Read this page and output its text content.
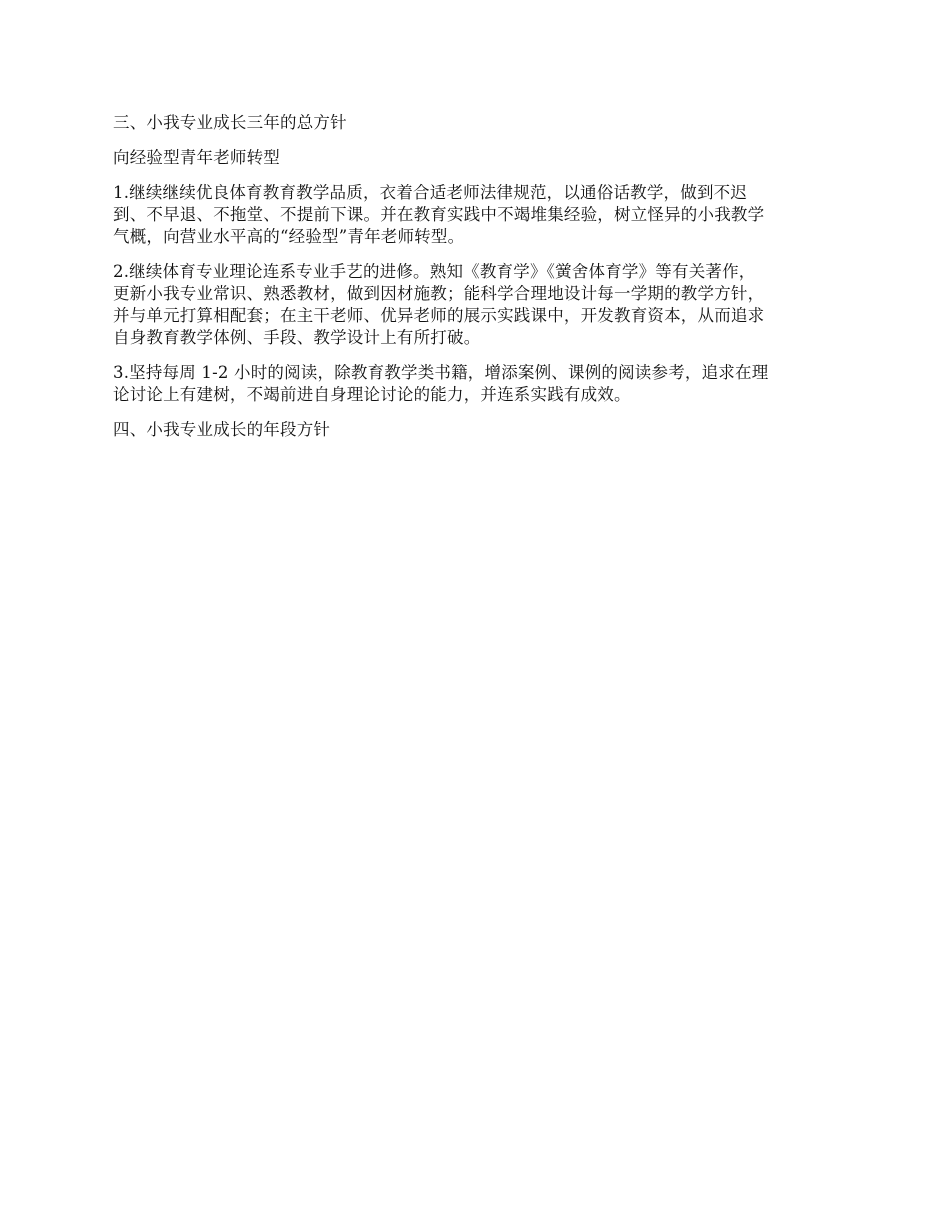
三、小我专业成长三年的总方针

向经验型青年老师转型

1.继续继续优良体育教育教学品质，衣着合适老师法律规范，以通俗话教学，做到不迟
到、不早退、不拖堂、不提前下课。并在教育实践中不竭堆集经验，树立怪异的小我教学
气概，向营业水平高的“经验型”青年老师转型。
2.继续体育专业理论连系专业手艺的进修。熟知《教育学》《黉舍体育学》等有关著作，
更新小我专业常识、熟悉教材，做到因材施教；能科学合理地设计每一学期的教学方针，
并与单元打算相配套；在主干老师、优异老师的展示实践课中，开发教育资本，从而追求
自身教育教学体例、手段、教学设计上有所打破。
3.坚持每周 1-2 小时的阅读，除教育教学类书籍，增添案例、课例的阅读参考，追求在理
论讨论上有建树，不竭前进自身理论讨论的能力，并连系实践有成效。

四、小我专业成长的年段方针
